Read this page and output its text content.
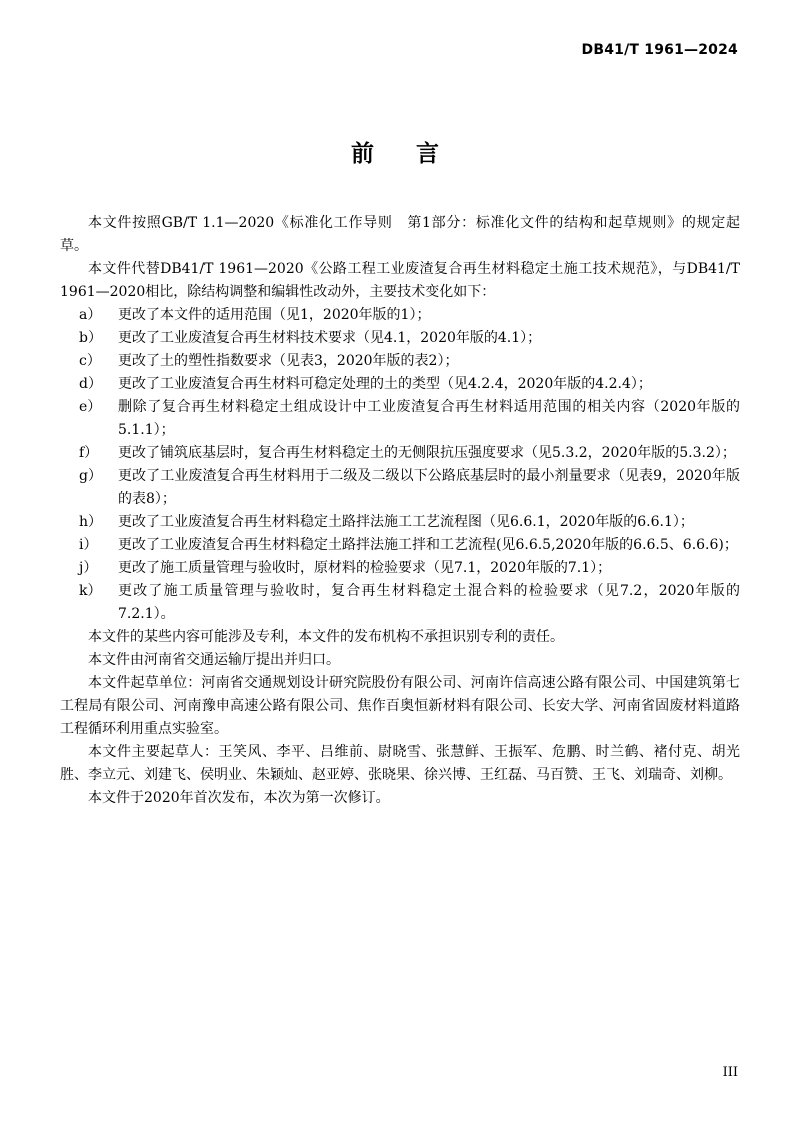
DB41/T 1961—2024
前言

本文件按照GB/T 1.1—2020《标准化工作导则　第1部分：标准化文件的结构和起草规则》的规定起草。

本文件代替DB41/T 1961—2020《公路工程工业废渣复合再生材料稳定土施工技术规范》，与DB41/T 1961—2020相比，除结构调整和编辑性改动外，主要技术变化如下：

a） 更改了本文件的适用范围（见1，2020年版的1）；
b） 更改了工业废渣复合再生材料技术要求（见4.1，2020年版的4.1）；
c） 更改了土的塑性指数要求（见表3，2020年版的表2）；
d） 更改了工业废渣复合再生材料可稳定处理的土的类型（见4.2.4，2020年版的4.2.4）；
e） 删除了复合再生材料稳定土组成设计中工业废渣复合再生材料适用范围的相关内容（2020年版的5.1.1）；
f） 更改了铺筑底基层时，复合再生材料稳定土的无侧限抗压强度要求（见5.3.2，2020年版的5.3.2）；
g） 更改了工业废渣复合再生材料用于二级及二级以下公路底基层时的最小剂量要求（见表9，2020年版的表8）；
h） 更改了工业废渣复合再生材料稳定土路拌法施工工艺流程图（见6.6.1，2020年版的6.6.1）；
i） 更改了工业废渣复合再生材料稳定土路拌法施工拌和工艺流程(见6.6.5,2020年版的6.6.5、6.6.6)；
j） 更改了施工质量管理与验收时，原材料的检验要求（见7.1，2020年版的7.1）；
k） 更改了施工质量管理与验收时，复合再生材料稳定土混合料的检验要求（见7.2，2020年版的7.2.1）。

本文件的某些内容可能涉及专利，本文件的发布机构不承担识别专利的责任。

本文件由河南省交通运输厅提出并归口。

本文件起草单位：河南省交通规划设计研究院股份有限公司、河南许信高速公路有限公司、中国建筑第七工程局有限公司、河南豫申高速公路有限公司、焦作百奥恒新材料有限公司、长安大学、河南省固废材料道路工程循环利用重点实验室。

本文件主要起草人：王笑风、李平、吕维前、尉晓雪、张慧鲜、王振军、危鹏、时兰鹤、褚付克、胡光胜、李立元、刘建飞、侯明业、朱颖灿、赵亚婷、张晓果、徐兴博、王红磊、马百赞、王飞、刘瑞奇、刘柳。

本文件于2020年首次发布，本次为第一次修订。

III
